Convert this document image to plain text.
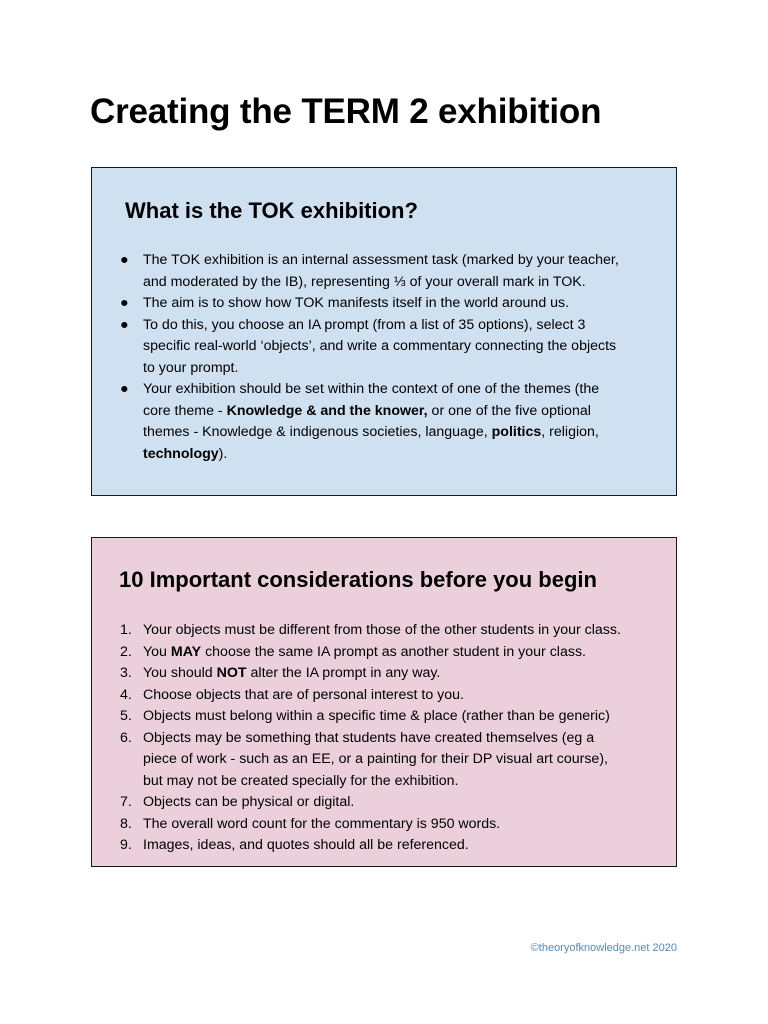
Creating the TERM 2 exhibition
What is the TOK exhibition?
● The TOK exhibition is an internal assessment task (marked by your teacher, and moderated by the IB), representing ⅓ of your overall mark in TOK.
● The aim is to show how TOK manifests itself in the world around us.
● To do this, you choose an IA prompt (from a list of 35 options), select 3 specific real-world ‘objects’, and write a commentary connecting the objects to your prompt.
● Your exhibition should be set within the context of one of the themes (the core theme - Knowledge & and the knower, or one of the five optional themes - Knowledge & indigenous societies, language, politics, religion, technology).
10 Important considerations before you begin
1. Your objects must be different from those of the other students in your class.
2. You MAY choose the same IA prompt as another student in your class.
3. You should NOT alter the IA prompt in any way.
4. Choose objects that are of personal interest to you.
5. Objects must belong within a specific time & place (rather than be generic)
6. Objects may be something that students have created themselves (eg a piece of work - such as an EE, or a painting for their DP visual art course), but may not be created specially for the exhibition.
7. Objects can be physical or digital.
8. The overall word count for the commentary is 950 words.
9. Images, ideas, and quotes should all be referenced.
©theoryofknowledge.net 2020
